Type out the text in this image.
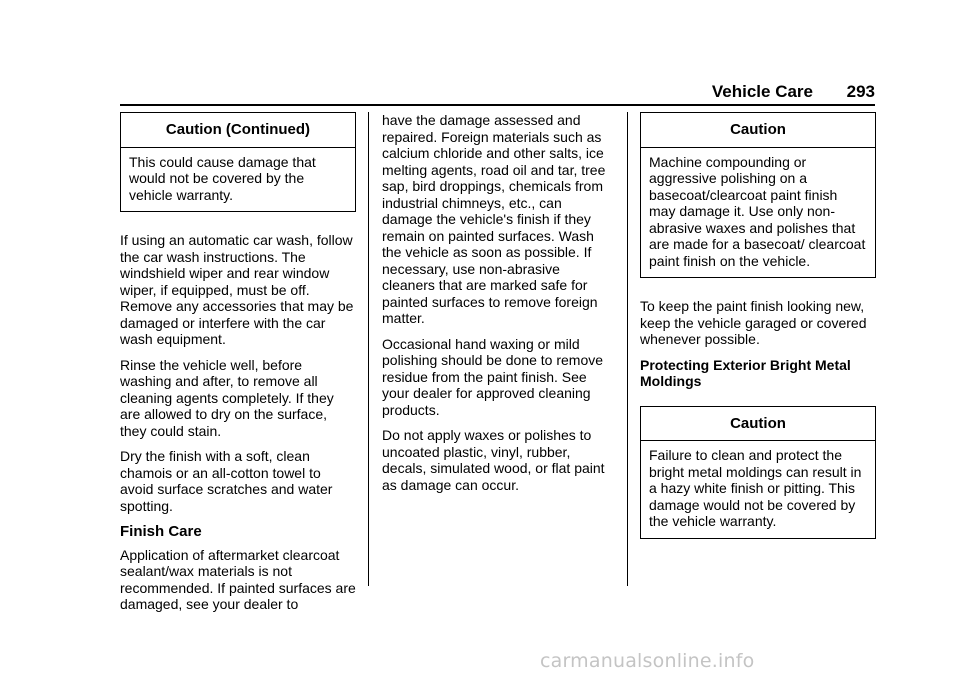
Vehicle Care 293
Caution (Continued)
This could cause damage that would not be covered by the vehicle warranty.

If using an automatic car wash, follow the car wash instructions. The windshield wiper and rear window wiper, if equipped, must be off. Remove any accessories that may be damaged or interfere with the car wash equipment.

Rinse the vehicle well, before washing and after, to remove all cleaning agents completely. If they are allowed to dry on the surface, they could stain.

Dry the finish with a soft, clean chamois or an all-cotton towel to avoid surface scratches and water spotting.

Finish Care

Application of aftermarket clearcoat sealant/wax materials is not recommended. If painted surfaces are damaged, see your dealer to

have the damage assessed and repaired. Foreign materials such as calcium chloride and other salts, ice melting agents, road oil and tar, tree sap, bird droppings, chemicals from industrial chimneys, etc., can damage the vehicle's finish if they remain on painted surfaces. Wash the vehicle as soon as possible. If necessary, use non-abrasive cleaners that are marked safe for painted surfaces to remove foreign matter.

Occasional hand waxing or mild polishing should be done to remove residue from the paint finish. See your dealer for approved cleaning products.

Do not apply waxes or polishes to uncoated plastic, vinyl, rubber, decals, simulated wood, or flat paint as damage can occur.

Caution
Machine compounding or aggressive polishing on a basecoat/clearcoat paint finish may damage it. Use only non-abrasive waxes and polishes that are made for a basecoat/ clearcoat paint finish on the vehicle.

To keep the paint finish looking new, keep the vehicle garaged or covered whenever possible.

Protecting Exterior Bright Metal Moldings
Caution
Failure to clean and protect the bright metal moldings can result in a hazy white finish or pitting. This damage would not be covered by the vehicle warranty.
carmanualsonline.info
